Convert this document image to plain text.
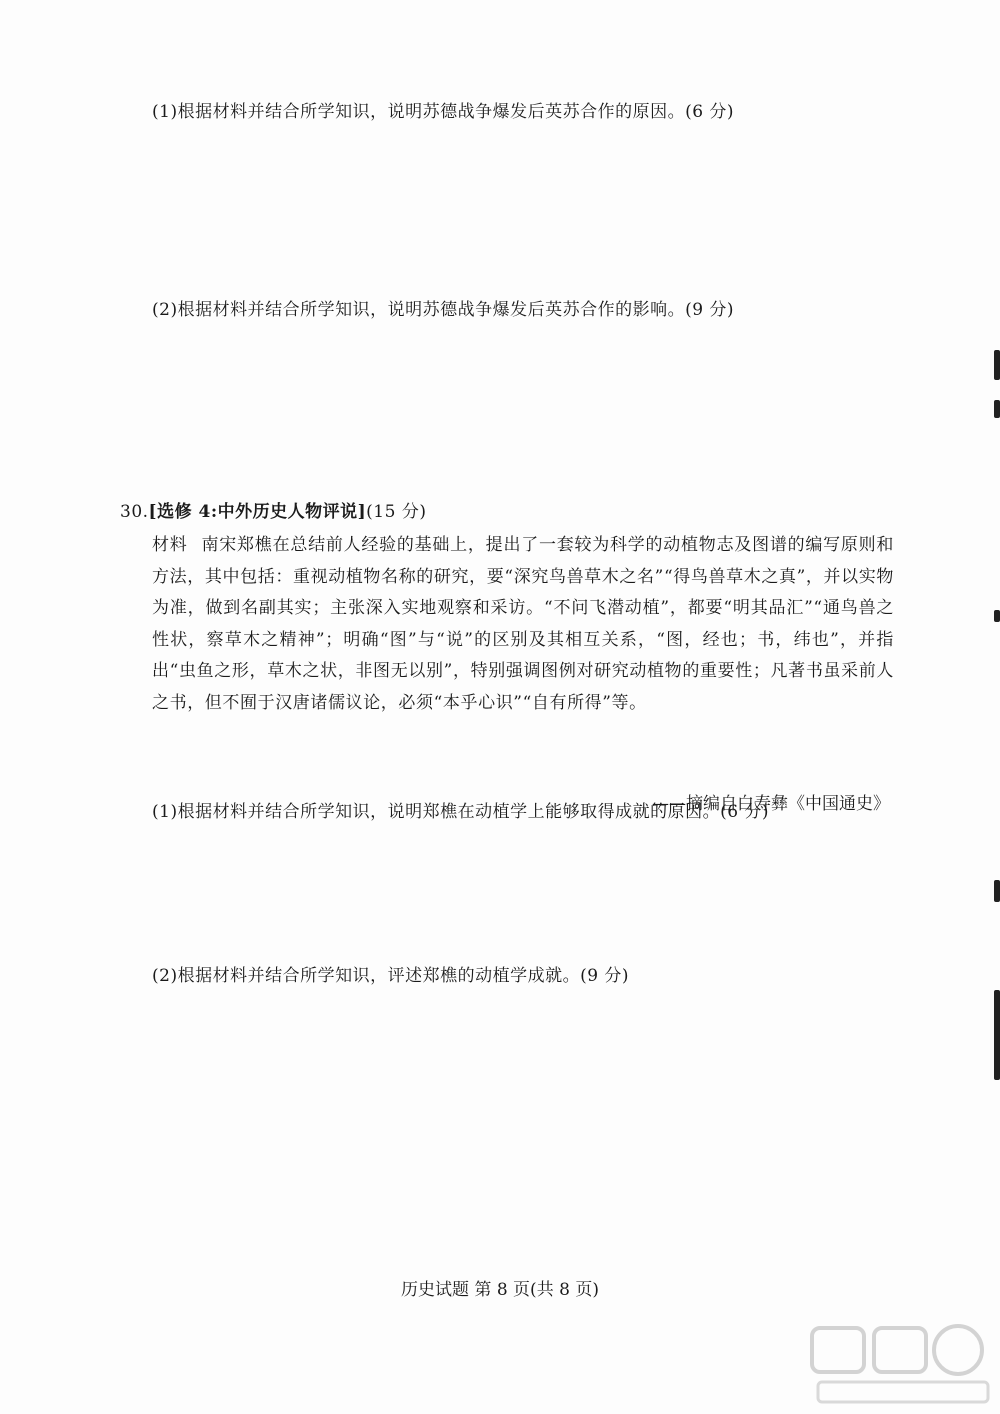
(1)根据材料并结合所学知识，说明苏德战争爆发后英苏合作的原因。(6 分)
(2)根据材料并结合所学知识，说明苏德战争爆发后英苏合作的影响。(9 分)
30.[选修 4:中外历史人物评说](15 分)
材料 南宋郑樵在总结前人经验的基础上，提出了一套较为科学的动植物志及图谱的编写原则和方法，其中包括：重视动植物名称的研究，要“深究鸟兽草木之名”“得鸟兽草木之真”，并以实物为准，做到名副其实；主张深入实地观察和采访。“不问飞潜动植”，都要“明其品汇”“通鸟兽之性状，察草木之精神”；明确“图”与“说”的区别及其相互关系，“图，经也；书，纬也”，并指出“虫鱼之形，草木之状，非图无以别”，特别强调图例对研究动植物的重要性；凡著书虽采前人之书，但不囿于汉唐诸儒议论，必须“本乎心识”“自有所得”等。
——摘编自白寿彝《中国通史》
(1)根据材料并结合所学知识，说明郑樵在动植学上能够取得成就的原因。(6 分)
(2)根据材料并结合所学知识，评述郑樵的动植学成就。(9 分)
历史试题 第 8 页(共 8 页)
